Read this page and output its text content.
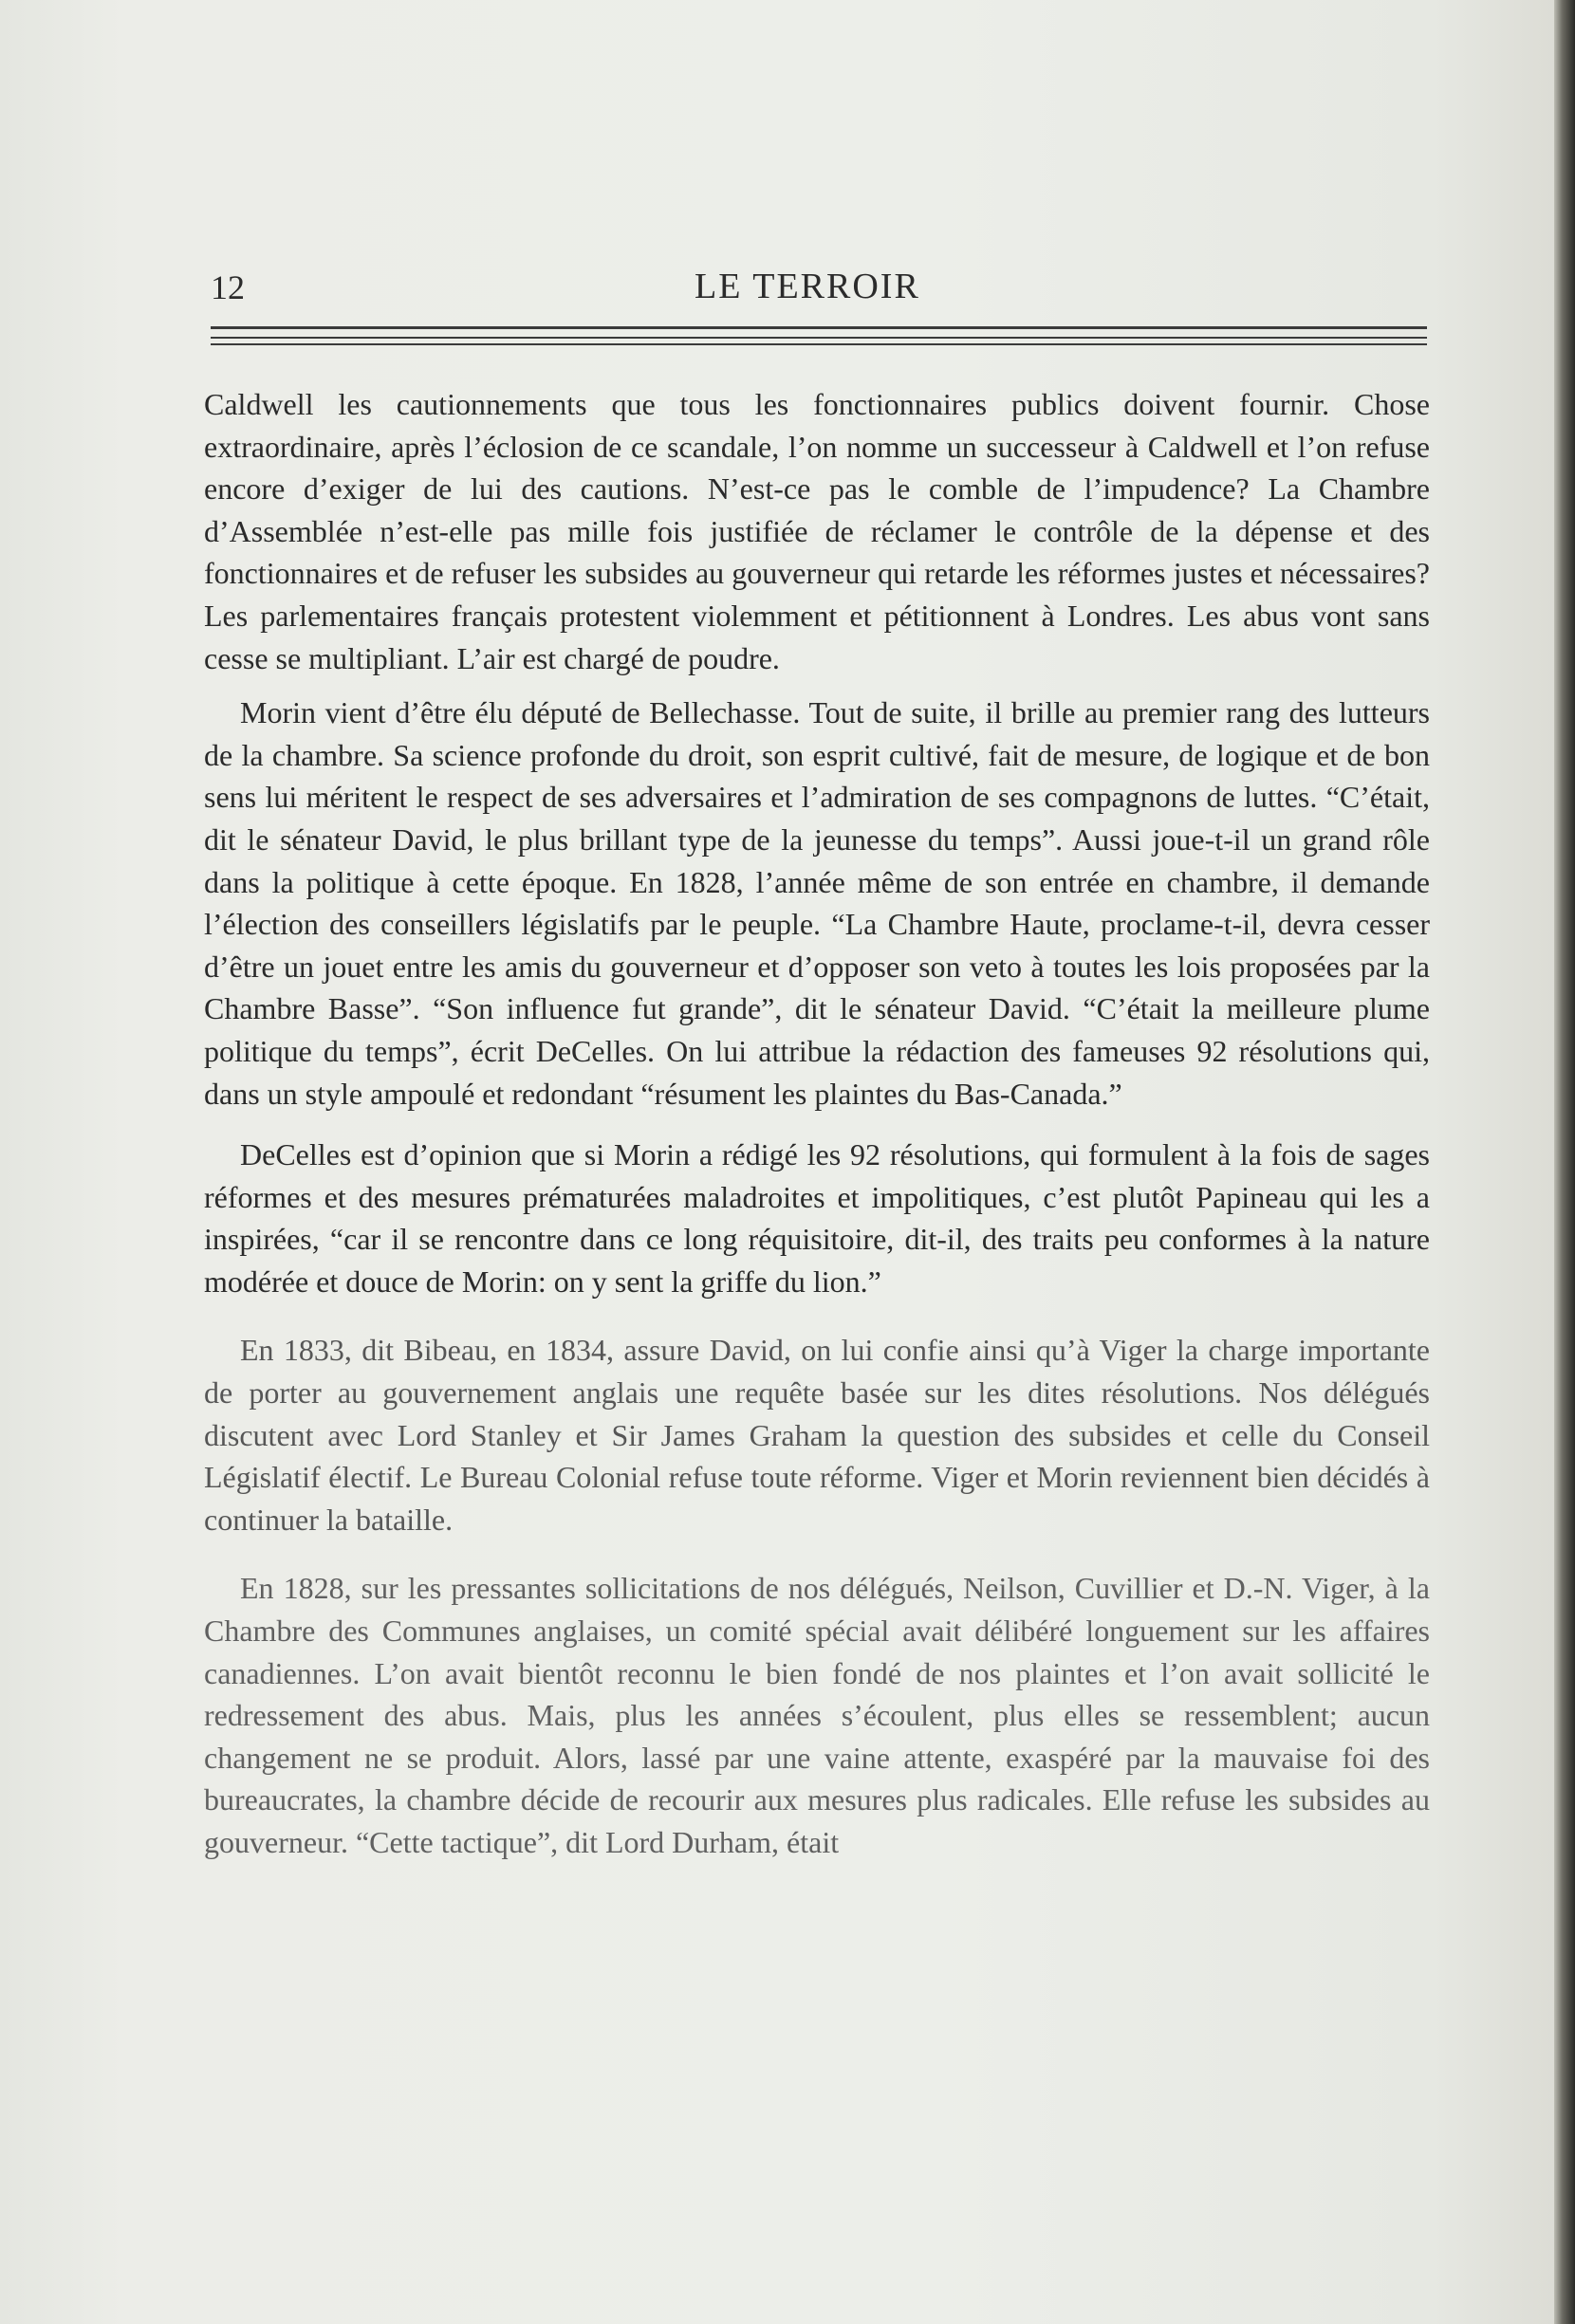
12	LE TERROIR

Caldwell les cautionnements que tous les fonctionnaires publics doivent fournir. Chose extraordinaire, après l’éclosion de ce scandale, l’on nomme un successeur à Caldwell et l’on refuse encore d’exiger de lui des cautions. N’est-ce pas le comble de l’impudence? La Chambre d’Assemblée n’est-elle pas mille fois justifiée de réclamer le contrôle de la dépense et des fonctionnaires et de refuser les subsides au gouverneur qui retarde les réformes justes et nécessaires? Les parlementaires français protestent violemment et pétitionnent à Londres. Les abus vont sans cesse se multipliant. L’air est chargé de poudre.

Morin vient d’être élu député de Bellechasse. Tout de suite, il brille au premier rang des lutteurs de la chambre. Sa science profonde du droit, son esprit cultivé, fait de mesure, de logique et de bon sens lui méritent le respect de ses adversaires et l’admiration de ses compagnons de luttes. “C’était, dit le sénateur David, le plus brillant type de la jeunesse du temps”. Aussi joue-t-il un grand rôle dans la politique à cette époque. En 1828, l’année même de son entrée en chambre, il demande l’élection des conseillers législatifs par le peuple. “La Chambre Haute, proclame-t-il, devra cesser d’être un jouet entre les amis du gouverneur et d’opposer son veto à toutes les lois proposées par la Chambre Basse”. “Son influence fut grande”, dit le sénateur David. “C’était la meilleure plume politique du temps”, écrit DeCelles. On lui attribue la rédaction des fameuses 92 résolutions qui, dans un style ampoulé et redondant “résument les plaintes du Bas-Canada.”

DeCelles est d’opinion que si Morin a rédigé les 92 résolutions, qui formulent à la fois de sages réformes et des mesures prématurées maladroites et impolitiques, c’est plutôt Papineau qui les a inspirées, “car il se rencontre dans ce long réquisitoire, dit-il, des traits peu conformes à la nature modérée et douce de Morin: on y sent la griffe du lion.”

En 1833, dit Bibeau, en 1834, assure David, on lui confie ainsi qu’à Viger la charge importante de porter au gouvernement anglais une requête basée sur les dites résolutions. Nos délégués discutent avec Lord Stanley et Sir James Graham la question des subsides et celle du Conseil Législatif électif. Le Bureau Colonial refuse toute réforme. Viger et Morin reviennent bien décidés à continuer la bataille.

En 1828, sur les pressantes sollicitations de nos délégués, Neilson, Cuvillier et D.-N. Viger, à la Chambre des Communes anglaises, un comité spécial avait délibéré longuement sur les affaires canadiennes. L’on avait bientôt reconnu le bien fondé de nos plaintes et l’on avait sollicité le redressement des abus. Mais, plus les années s’écoulent, plus elles se ressemblent; aucun changement ne se produit. Alors, lassé par une vaine attente, exaspéré par la mauvaise foi des bureaucrates, la chambre décide de recourir aux mesures plus radicales. Elle refuse les subsides au gouverneur. “Cette tactique”, dit Lord Durham, était
